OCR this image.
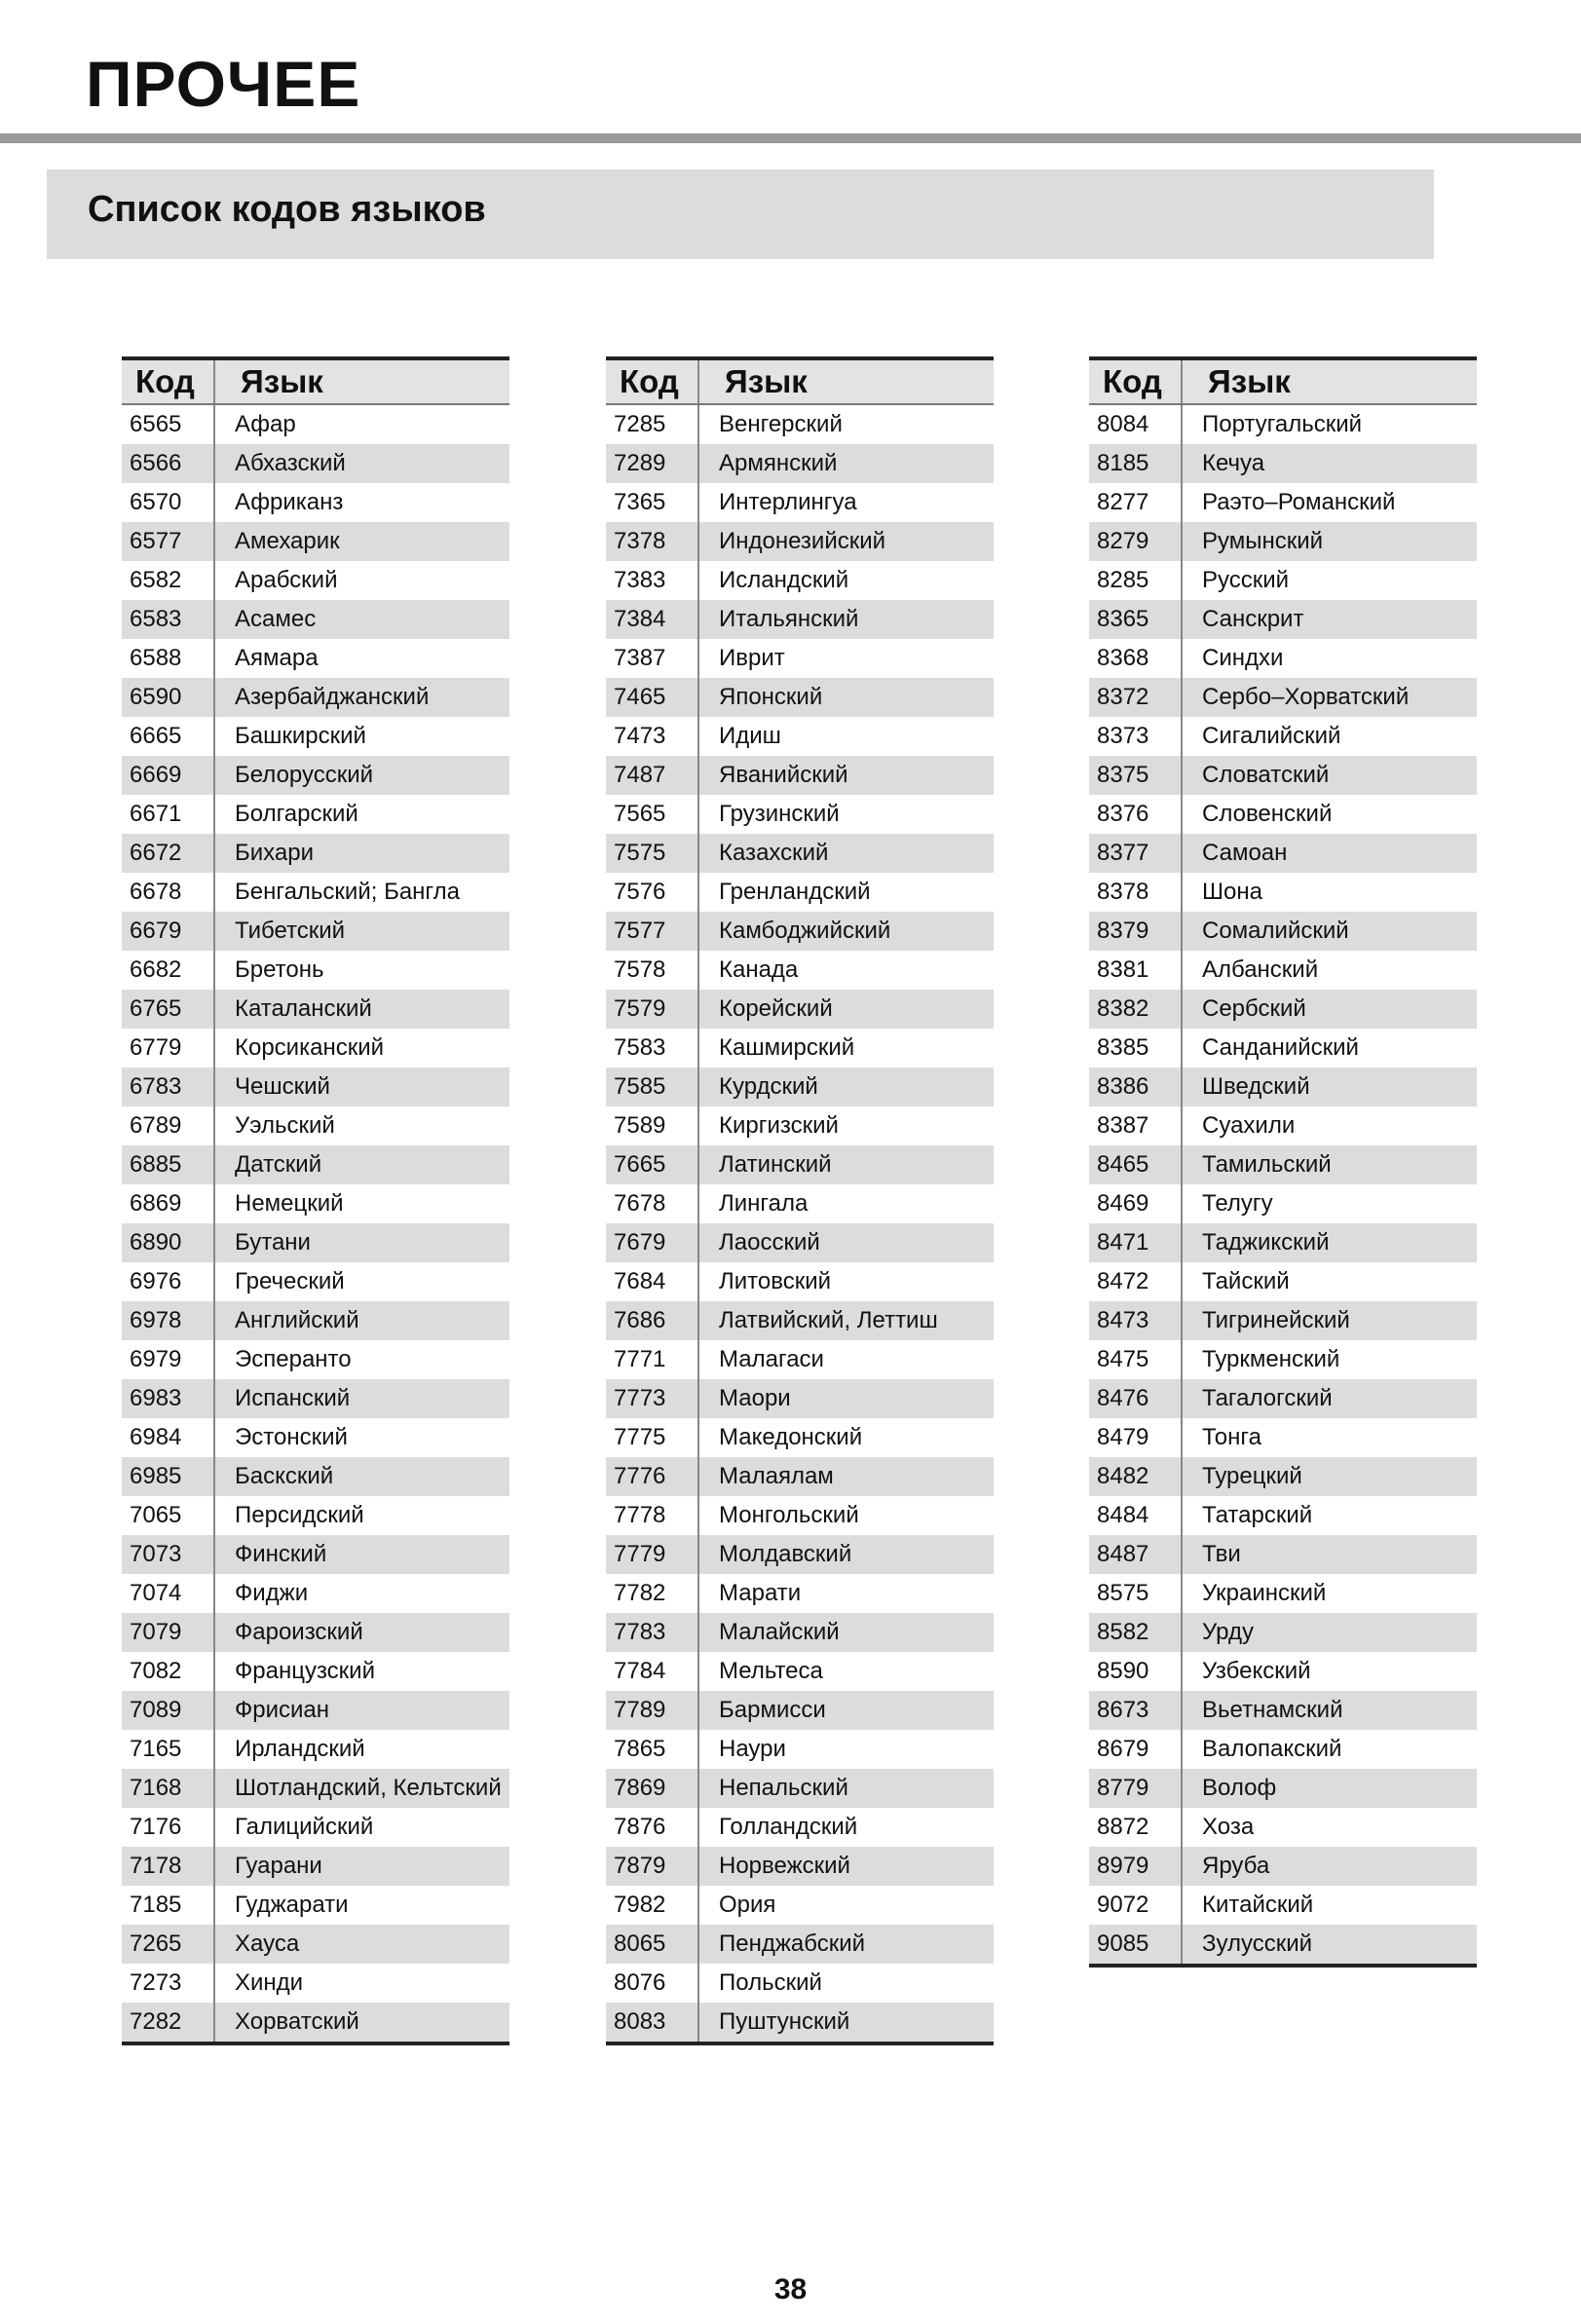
ПРОЧЕЕ
Список кодов языков
Код	Язык
6565	Афар
6566	Абхазский
6570	Африканз
6577	Амехарик
6582	Арабский
6583	Асамес
6588	Аямара
6590	Азербайджанский
6665	Башкирский
6669	Белорусский
6671	Болгарский
6672	Бихари
6678	Бенгальский; Бангла
6679	Тибетский
6682	Бретонь
6765	Каталанский
6779	Корсиканский
6783	Чешский
6789	Уэльский
6885	Датский
6869	Немецкий
6890	Бутани
6976	Греческий
6978	Английский
6979	Эсперанто
6983	Испанский
6984	Эстонский
6985	Баскский
7065	Персидский
7073	Финский
7074	Фиджи
7079	Фароизский
7082	Французский
7089	Фрисиан
7165	Ирландский
7168	Шотландский, Кельтский
7176	Галицийский
7178	Гуарани
7185	Гуджарати
7265	Хауса
7273	Хинди
7282	Хорватский
Код	Язык
7285	Венгерский
7289	Армянский
7365	Интерлингуа
7378	Индонезийский
7383	Исландский
7384	Итальянский
7387	Иврит
7465	Японский
7473	Идиш
7487	Яванийский
7565	Грузинский
7575	Казахский
7576	Гренландский
7577	Камбоджийский
7578	Канада
7579	Корейский
7583	Кашмирский
7585	Курдский
7589	Киргизский
7665	Латинский
7678	Лингала
7679	Лаосский
7684	Литовский
7686	Латвийский, Леттиш
7771	Малагаси
7773	Маори
7775	Македонский
7776	Малаялам
7778	Монгольский
7779	Молдавский
7782	Марати
7783	Малайский
7784	Мельтеса
7789	Бармисси
7865	Наури
7869	Непальский
7876	Голландский
7879	Норвежский
7982	Ория
8065	Пенджабский
8076	Польский
8083	Пуштунский
Код	Язык
8084	Португальский
8185	Кечуа
8277	Раэто–Романский
8279	Румынский
8285	Русский
8365	Санскрит
8368	Синдхи
8372	Сербо–Хорватский
8373	Сигалийский
8375	Словатский
8376	Словенский
8377	Самоан
8378	Шона
8379	Сомалийский
8381	Албанский
8382	Сербский
8385	Санданийский
8386	Шведский
8387	Суахили
8465	Тамильский
8469	Телугу
8471	Таджикский
8472	Тайский
8473	Тигринейский
8475	Туркменский
8476	Тагалогский
8479	Тонга
8482	Турецкий
8484	Татарский
8487	Тви
8575	Украинский
8582	Урду
8590	Узбекский
8673	Вьетнамский
8679	Валопакский
8779	Волоф
8872	Хоза
8979	Яруба
9072	Китайский
9085	Зулусский
38
